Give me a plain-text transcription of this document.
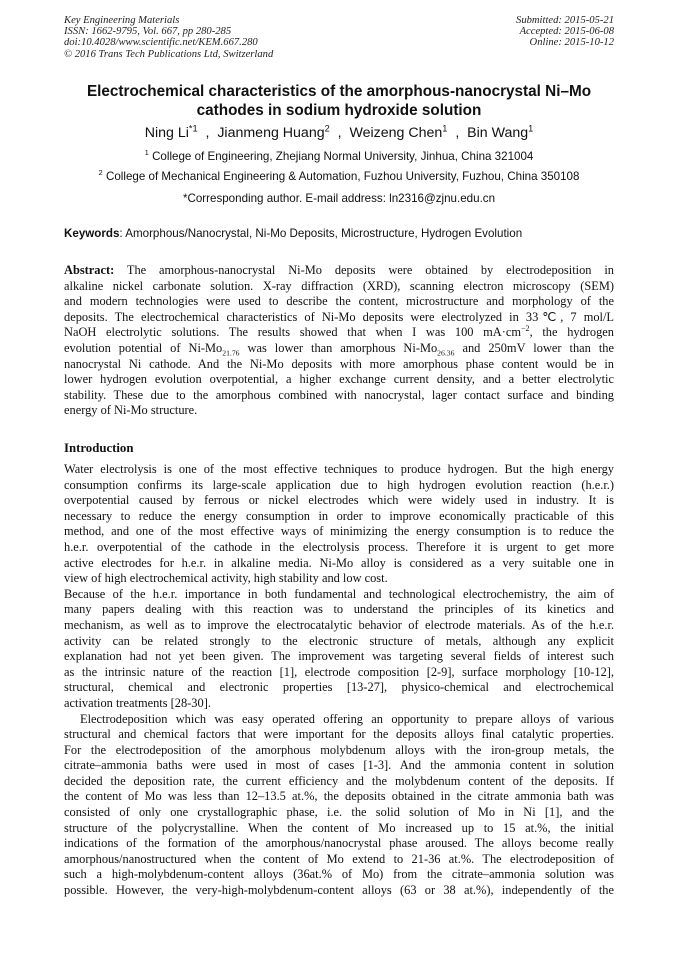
Key Engineering Materials
ISSN: 1662-9795, Vol. 667, pp 280-285
doi:10.4028/www.scientific.net/KEM.667.280
© 2016 Trans Tech Publications Ltd, Switzerland
Submitted: 2015-05-21
Accepted: 2015-06-08
Online: 2015-10-12
Electrochemical characteristics of the amorphous-nanocrystal Ni–Mo
cathodes in sodium hydroxide solution
Ning Li$^{*1}$  ,  Jianmeng Huang$^2$  ,  Weizeng Chen$^1$  ,  Bin Wang$^1$
$^1$ College of Engineering, Zhejiang Normal University, Jinhua, China 321004
$^2$ College of Mechanical Engineering & Automation, Fuzhou University, Fuzhou, China 350108
*Corresponding author. E-mail address: ln2316@zjnu.edu.cn
Keywords: Amorphous/Nanocrystal, Ni-Mo Deposits, Microstructure, Hydrogen Evolution
Abstract: The amorphous-nanocrystal Ni-Mo deposits were obtained by electrodeposition in
alkaline nickel carbonate solution. X-ray diffraction (XRD), scanning electron microscopy (SEM)
and modern technologies were used to describe the content, microstructure and morphology of the
deposits. The electrochemical characteristics of Ni-Mo deposits were electrolyzed in 33℃, 7 mol/L
NaOH electrolytic solutions. The results showed that when I was 100 $mA\cdot cm^{-2}$, the hydrogen
evolution potential of $Ni-Mo_{21.76}$ was lower than amorphous $Ni-Mo_{26.36}$ and 250mV lower than the
nanocrystal Ni cathode. And the Ni-Mo deposits with more amorphous phase content would be in
lower hydrogen evolution overpotential, a higher exchange current density, and a better electrolytic
stability. These due to the amorphous combined with nanocrystal, lager contact surface and binding
energy of Ni-Mo structure.
Introduction
Water electrolysis is one of the most effective techniques to produce hydrogen. But the high energy
consumption confirms its large-scale application due to high hydrogen evolution reaction (h.e.r.)
overpotential caused by ferrous or nickel electrodes which were widely used in industry. It is
necessary to reduce the energy consumption in order to improve economically practicable of this
method, and one of the most effective ways of minimizing the energy consumption is to reduce the
h.e.r. overpotential of the cathode in the electrolysis process. Therefore it is urgent to get more
active electrodes for h.e.r. in alkaline media. Ni-Mo alloy is considered as a very suitable one in
view of high electrochemical activity, high stability and low cost.
Because of the h.e.r. importance in both fundamental and technological electrochemistry, the aim of
many papers dealing with this reaction was to understand the principles of its kinetics and
mechanism, as well as to improve the electrocatalytic behavior of electrode materials. As of the h.e.r.
activity can be related strongly to the electronic structure of metals, although any explicit
explanation had not yet been given. The improvement was targeting several fields of interest such
as the intrinsic nature of the reaction [1], electrode composition [2-9], surface morphology [10-12],
structural, chemical and electronic properties [13-27], physico-chemical and electrochemical
activation treatments [28-30].
Electrodeposition which was easy operated offering an opportunity to prepare alloys of various
structural and chemical factors that were important for the deposits alloys final catalytic properties.
For the electrodeposition of the amorphous molybdenum alloys with the iron-group metals, the
citrate–ammonia baths were used in most of cases [1-3]. And the ammonia content in solution
decided the deposition rate, the current efficiency and the molybdenum content of the deposits. If
the content of Mo was less than 12–13.5 at.%, the deposits obtained in the citrate ammonia bath was
consisted of only one crystallographic phase, i.e. the solid solution of Mo in Ni [1], and the
structure of the polycrystalline. When the content of Mo increased up to 15 at.%, the initial
indications of the formation of the amorphous/nanocrystal phase aroused. The alloys become really
amorphous/nanostructured when the content of Mo extend to 21-36 at.%. The electrodeposition of
such a high-molybdenum-content alloys (36at.% of Mo) from the citrate–ammonia solution was
possible. However, the very-high-molybdenum-content alloys (63 or 38 at.%), independently of the
